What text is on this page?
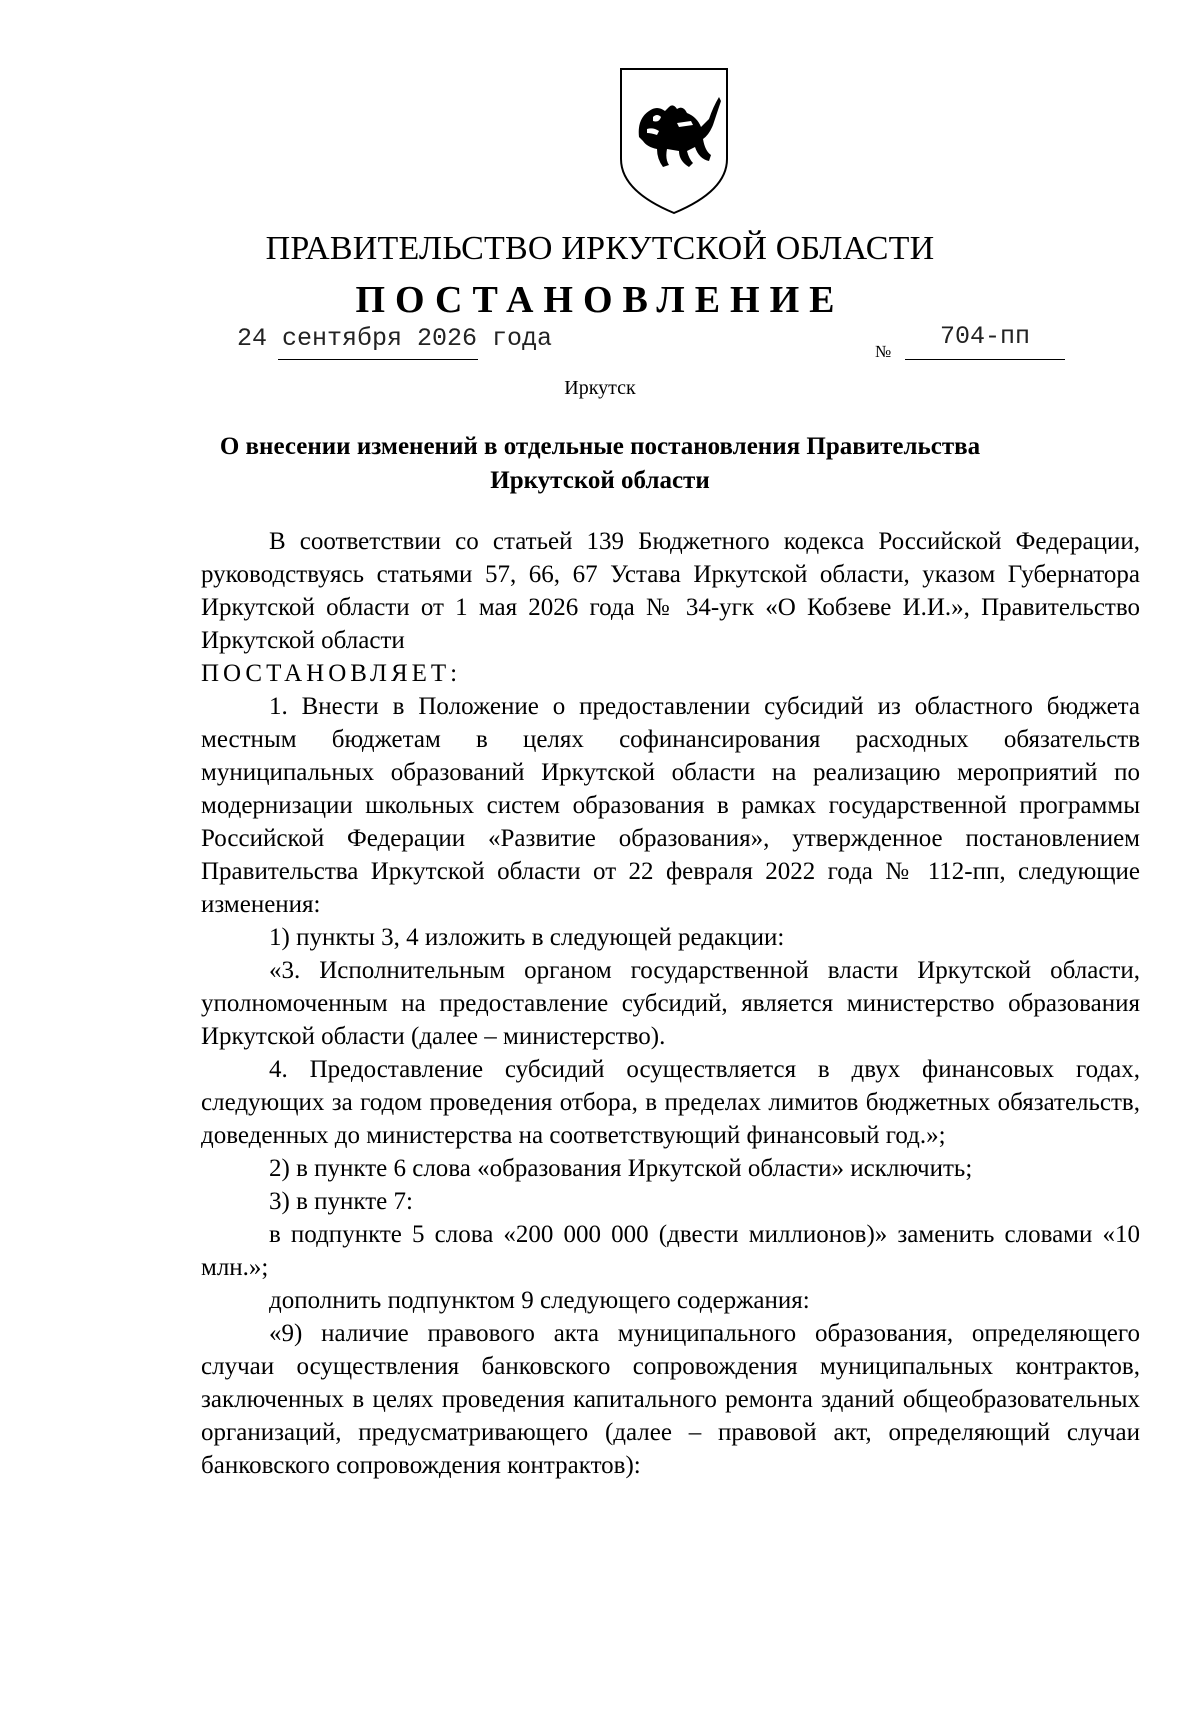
ПРАВИТЕЛЬСТВО ИРКУТСКОЙ ОБЛАСТИ
ПОСТАНОВЛЕНИЕ
24 сентября 2026 года	№
704-пп
Иркутск
О внесении изменений в отдельные постановления Правительства
Иркутской области

В соответствии со статьей 139 Бюджетного кодекса Российской Федерации, руководствуясь статьями 57, 66, 67 Устава Иркутской области, указом Губернатора Иркутской области от 1 мая 2026 года № 34-угк «О Кобзеве И.И.», Правительство Иркутской области

ПОСТАНОВЛЯЕТ:

1. Внести в Положение о предоставлении субсидий из областного бюджета местным бюджетам в целях софинансирования расходных обязательств муниципальных образований Иркутской области на реализацию мероприятий по модернизации школьных систем образования в рамках государственной программы Российской Федерации «Развитие образования», утвержденное постановлением Правительства Иркутской области от 22 февраля 2022 года № 112-пп, следующие изменения:

1) пункты 3, 4 изложить в следующей редакции:

«3. Исполнительным органом государственной власти Иркутской области, уполномоченным на предоставление субсидий, является министерство образования Иркутской области (далее – министерство).

4. Предоставление субсидий осуществляется в двух финансовых годах, следующих за годом проведения отбора, в пределах лимитов бюджетных обязательств, доведенных до министерства на соответствующий финансовый год.»;

2) в пункте 6 слова «образования Иркутской области» исключить;

3) в пункте 7:

в подпункте 5 слова «200 000 000 (двести миллионов)» заменить словами «10 млн.»;

дополнить подпунктом 9 следующего содержания:

«9) наличие правового акта муниципального образования, определяющего случаи осуществления банковского сопровождения муниципальных контрактов, заключенных в целях проведения капитального ремонта зданий общеобразовательных организаций, предусматривающего (далее – правовой акт, определяющий случаи банковского сопровождения контрактов):
